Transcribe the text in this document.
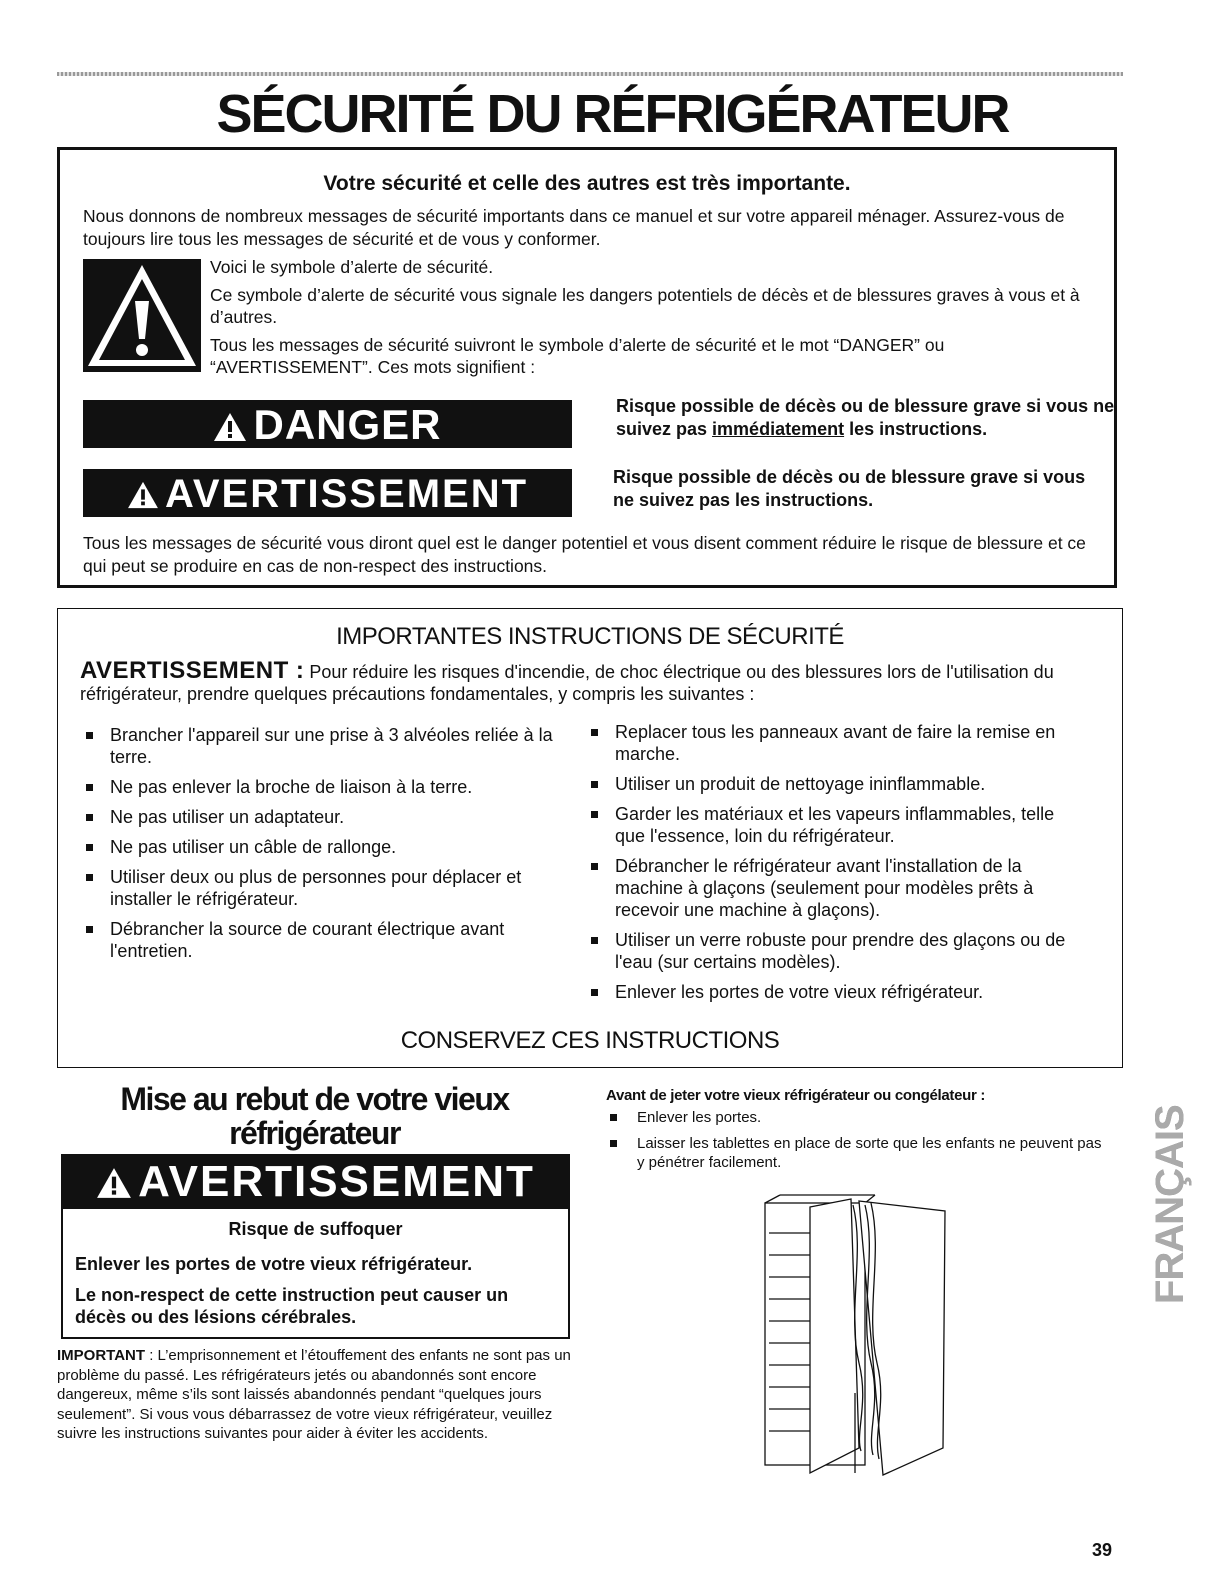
SÉCURITÉ DU RÉFRIGÉRATEUR
Votre sécurité et celle des autres est très importante.
Nous donnons de nombreux messages de sécurité importants dans ce manuel et sur votre appareil ménager. Assurez-vous de toujours lire tous les messages de sécurité et de vous y conformer.

Voici le symbole d’alerte de sécurité.

Ce symbole d’alerte de sécurité vous signale les dangers potentiels de décès et de blessures graves à vous et à d’autres.

Tous les messages de sécurité suivront le symbole d’alerte de sécurité et le mot “DANGER” ou “AVERTISSEMENT”. Ces mots signifient :

DANGER	Risque possible de décès ou de blessure grave si vous ne suivez pas immédiatement les instructions.
AVERTISSEMENT	Risque possible de décès ou de blessure grave si vous ne suivez pas les instructions.
Tous les messages de sécurité vous diront quel est le danger potentiel et vous disent comment réduire le risque de blessure et ce qui peut se produire en cas de non-respect des instructions.
IMPORTANTES INSTRUCTIONS DE SÉCURITÉ
AVERTISSEMENT : Pour réduire les risques d'incendie, de choc électrique ou des blessures lors de l'utilisation du réfrigérateur, prendre quelques précautions fondamentales, y compris les suivantes :
Brancher l'appareil sur une prise à 3 alvéoles reliée à la terre.
Ne pas enlever la broche de liaison à la terre.
Ne pas utiliser un adaptateur.
Ne pas utiliser un câble de rallonge.
Utiliser deux ou plus de personnes pour déplacer et installer le réfrigérateur.
Débrancher la source de courant électrique avant l'entretien.
Replacer tous les panneaux avant de faire la remise en marche.
Utiliser un produit de nettoyage ininflammable.
Garder les matériaux et les vapeurs inflammables, telle que l'essence, loin du réfrigérateur.
Débrancher le réfrigérateur avant l'installation de la machine à glaçons (seulement pour modèles prêts à recevoir une machine à glaçons).
Utiliser un verre robuste pour prendre des glaçons ou de l'eau (sur certains modèles).
Enlever les portes de votre vieux réfrigérateur.
CONSERVEZ CES INSTRUCTIONS
Mise au rebut de votre vieux réfrigérateur
AVERTISSEMENT
Risque de suffoquer
Enlever les portes de votre vieux réfrigérateur.
Le non-respect de cette instruction peut causer un décès ou des lésions cérébrales.
IMPORTANT : L’emprisonnement et l’étouffement des enfants ne sont pas un problème du passé. Les réfrigérateurs jetés ou abandonnés sont encore dangereux, même s’ils sont laissés abandonnés pendant “quelques jours seulement”. Si vous vous débarrassez de votre vieux réfrigérateur, veuillez suivre les instructions suivantes pour aider à éviter les accidents.
Avant de jeter votre vieux réfrigérateur ou congélateur :
Enlever les portes.
Laisser les tablettes en place de sorte que les enfants ne peuvent pas y pénétrer facilement.	FRANÇAIS
39
